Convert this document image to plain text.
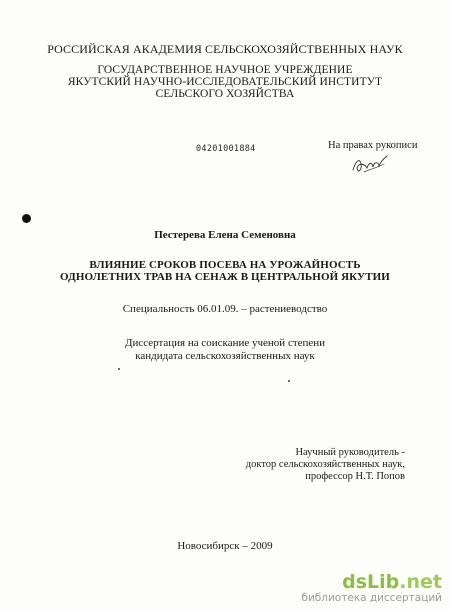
РОССИЙСКАЯ АКАДЕМИЯ СЕЛЬСКОХОЗЯЙСТВЕННЫХ НАУК
ГОСУДАРСТВЕННОЕ НАУЧНОЕ УЧРЕЖДЕНИЕ
ЯКУТСКИЙ НАУЧНО-ИССЛЕДОВАТЕЛЬСКИЙ ИНСТИТУТ
СЕЛЬСКОГО ХОЗЯЙСТВА
04201001884	На правах рукописи
Пестерева Елена Семеновна
ВЛИЯНИЕ СРОКОВ ПОСЕВА НА УРОЖАЙНОСТЬ
ОДНОЛЕТНИХ ТРАВ НА СЕНАЖ В ЦЕНТРАЛЬНОЙ ЯКУТИИ
Специальность 06.01.09. – растениеводство
Диссертация на соискание ученой степени
кандидата сельскохозяйственных наук
Научный руководитель -
доктор сельскохозяйственных наук,
профессор Н.Т. Попов
Новосибирск – 2009
dsLib.net
библиотека диссертаций
